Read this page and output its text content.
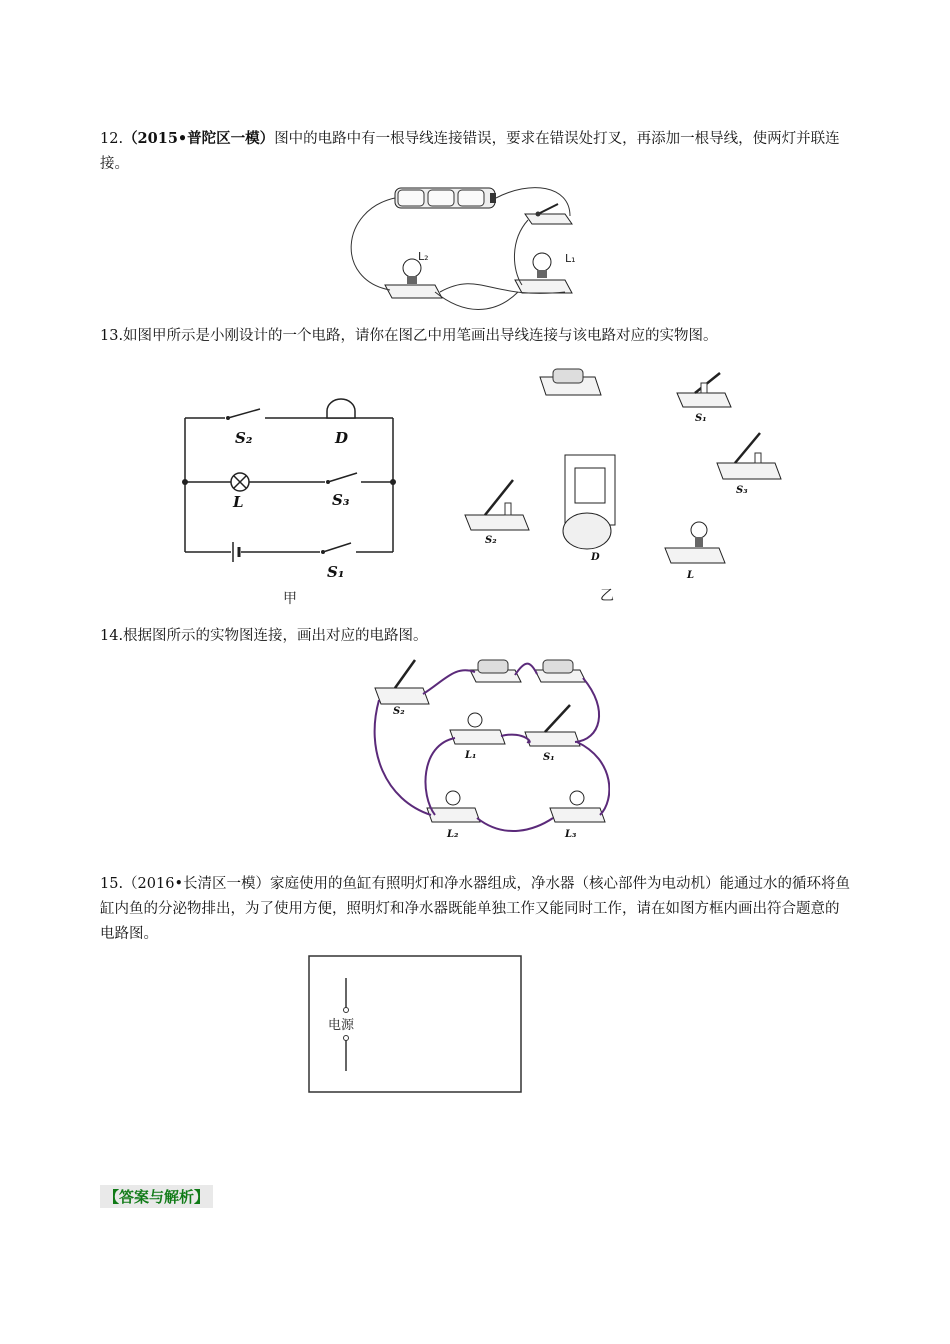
12.（2015•普陀区一模）图中的电路中有一根导线连接错误，要求在错误处打叉，再添加一根导线，使两灯并联连接。
L₂	L₁
13.如图甲所示是小刚设计的一个电路，请你在图乙中用笔画出导线连接与该电路对应的实物图。
S₂	D
L	S₃
S₁
甲
S₁
S₃
S₂
D
L
乙
14.根据图所示的实物图连接，画出对应的电路图。
S₂
L₁	S₁
L₂	L₃
15.（2016•长清区一模）家庭使用的鱼缸有照明灯和净水器组成，净水器（核心部件为电动机）能通过水的循环将鱼缸内鱼的分泌物排出，为了使用方便，照明灯和净水器既能单独工作又能同时工作，请在如图方框内画出符合题意的电路图。
电源
【答案与解析】
